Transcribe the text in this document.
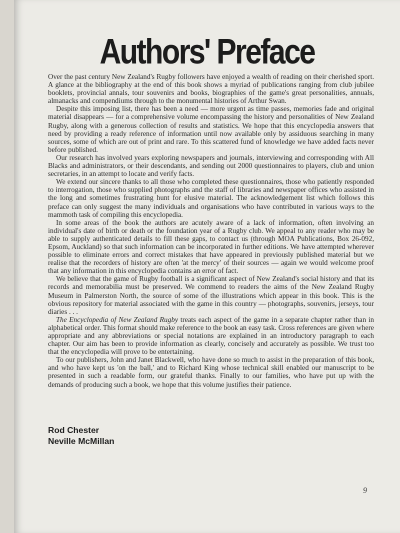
Authors' Preface

Over the past century New Zealand's Rugby followers have enjoyed a wealth of reading on their cherished sport. A glance at the bibliography at the end of this book shows a myriad of publications ranging from club jubilee booklets, provincial annals, tour souvenirs and books, biographies of the game's great personalities, annuals, almanacks and compendiums through to the monumental histories of Arthur Swan.

Despite this imposing list, there has been a need — more urgent as time passes, memories fade and original material disappears — for a comprehensive volume encompassing the history and personalities of New Zealand Rugby, along with a generous collection of results and statistics. We hope that this encyclopedia answers that need by providing a ready reference of information until now available only by assiduous searching in many sources, some of which are out of print and rare. To this scattered fund of knowledge we have added facts never before published.

Our research has involved years exploring newspapers and journals, interviewing and corresponding with All Blacks and administrators, or their descendants, and sending out 2000 questionnaires to players, club and union secretaries, in an attempt to locate and verify facts.

We extend our sincere thanks to all those who completed these questionnaires, those who patiently responded to interrogation, those who supplied photographs and the staff of libraries and newspaper offices who assisted in the long and sometimes frustrating hunt for elusive material. The acknowledgement list which follows this preface can only suggest the many individuals and organisations who have contributed in various ways to the mammoth task of compiling this encyclopedia.

In some areas of the book the authors are acutely aware of a lack of information, often involving an individual's date of birth or death or the foundation year of a Rugby club. We appeal to any reader who may be able to supply authenticated details to fill these gaps, to contact us (through MOA Publications, Box 26-092, Epsom, Auckland) so that such information can be incorporated in further editions. We have attempted wherever possible to eliminate errors and correct mistakes that have appeared in previously published material but we realise that the recorders of history are often 'at the mercy' of their sources — again we would welcome proof that any information in this encyclopedia contains an error of fact.

We believe that the game of Rugby football is a significant aspect of New Zealand's social history and that its records and memorabilia must be preserved. We commend to readers the aims of the New Zealand Rugby Museum in Palmerston North, the source of some of the illustrations which appear in this book. This is the obvious repository for material associated with the game in this country — photographs, souvenirs, jerseys, tour diaries . . .

The Encyclopedia of New Zealand Rugby treats each aspect of the game in a separate chapter rather than in alphabetical order. This format should make reference to the book an easy task. Cross references are given where appropriate and any abbreviations or special notations are explained in an introductory paragraph to each chapter. Our aim has been to provide information as clearly, concisely and accurately as possible. We trust too that the encyclopedia will prove to be entertaining.

To our publishers, John and Janet Blackwell, who have done so much to assist in the preparation of this book, and who have kept us 'on the ball,' and to Richard King whose technical skill enabled our manuscript to be presented in such a readable form, our grateful thanks. Finally to our families, who have put up with the demands of producing such a book, we hope that this volume justifies their patience.

Rod Chester
Neville McMillan
9
